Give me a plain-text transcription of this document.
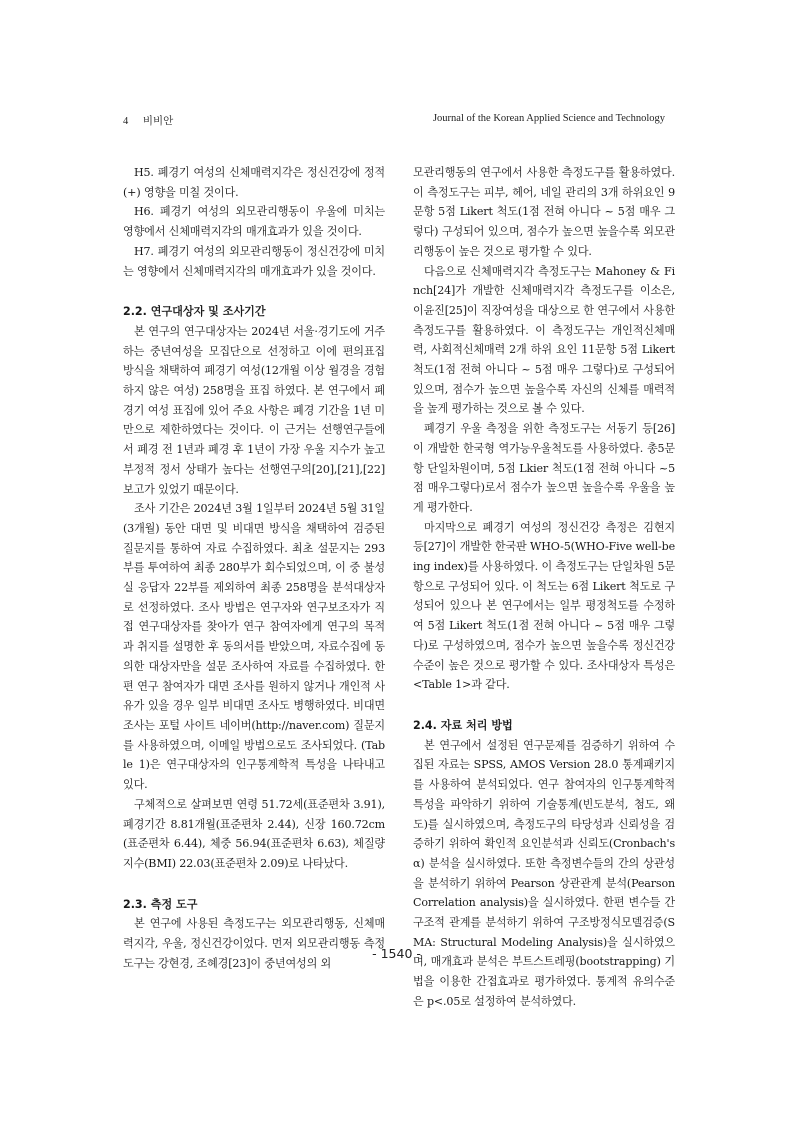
4 비비안	Journal of the Korean Applied Science and Technology

H5. 폐경기 여성의 신체매력지각은 정신건강에 정적(+) 영향을 미칠 것이다.

H6. 폐경기 여성의 외모관리행동이 우울에 미치는 영향에서 신체매력지각의 매개효과가 있을 것이다.

H7. 폐경기 여성의 외모관리행동이 정신건강에 미치는 영향에서 신체매력지각의 매개효과가 있을 것이다.

2.2. 연구대상자 및 조사기간

본 연구의 연구대상자는 2024년 서울·경기도에 거주하는 중년여성을 모집단으로 선정하고 이에 편의표집 방식을 채택하여 폐경기 여성(12개월 이상 월경을 경험하지 않은 여성) 258명을 표집 하였다. 본 연구에서 폐경기 여성 표집에 있어 주요 사항은 폐경 기간을 1년 미만으로 제한하였다는 것이다. 이 근거는 선행연구들에서 폐경 전 1년과 폐경 후 1년이 가장 우울 지수가 높고 부정적 정서 상태가 높다는 선행연구의[20],[21],[22] 보고가 있었기 때문이다.

조사 기간은 2024년 3월 1일부터 2024년 5월 31일(3개월) 동안 대면 및 비대면 방식을 채택하여 검증된 질문지를 통하여 자료 수집하였다. 최초 설문지는 293부를 투여하여 최종 280부가 회수되었으며, 이 중 불성실 응답자 22부를 제외하여 최종 258명을 분석대상자로 선정하였다. 조사 방법은 연구자와 연구보조자가 직접 연구대상자를 찾아가 연구 참여자에게 연구의 목적과 취지를 설명한 후 동의서를 받았으며, 자료수집에 동의한 대상자만을 설문 조사하여 자료를 수집하였다. 한편 연구 참여자가 대면 조사를 원하지 않거나 개인적 사유가 있을 경우 일부 비대면 조사도 병행하였다. 비대면 조사는 포털 사이트 네이버(http://naver.com) 질문지를 사용하였으며, 이메일 방법으로도 조사되었다. (Table 1)은 연구대상자의 인구통계학적 특성을 나타내고 있다.

구체적으로 살펴보면 연령 51.72세(표준편차 3.91), 폐경기간 8.81개월(표준편차 2.44), 신장 160.72cm(표준편차 6.44), 체중 56.94(표준편차 6.63), 체질량지수(BMI) 22.03(표준편차 2.09)로 나타났다.

2.3. 측정 도구

본 연구에 사용된 측정도구는 외모관리행동, 신체매력지각, 우울, 정신건강이었다. 먼저 외모관리행동 측정도구는 강현경, 조혜경[23]이 중년여성의 외

모관리행동의 연구에서 사용한 측정도구를 활용하였다. 이 측정도구는 피부, 헤어, 네일 관리의 3개 하위요인 9문항 5점 Likert 척도(1점 전혀 아니다 ~ 5점 매우 그렇다) 구성되어 있으며, 점수가 높으면 높을수록 외모관리행동이 높은 것으로 평가할 수 있다.

다음으로 신체매력지각 측정도구는 Mahoney & Finch[24]가 개발한 신체매력지각 측정도구를 이소은, 이윤진[25]이 직장여성을 대상으로 한 연구에서 사용한 측정도구를 활용하였다. 이 측정도구는 개인적신체매력, 사회적신체매력 2개 하위 요인 11문항 5점 Likert 척도(1점 전혀 아니다 ~ 5점 매우 그렇다)로 구성되어 있으며, 점수가 높으면 높을수록 자신의 신체를 매력적을 높게 평가하는 것으로 볼 수 있다.

폐경기 우울 측정을 위한 측정도구는 서동기 등[26]이 개발한 한국형 역가능우울척도를 사용하였다. 총5문항 단일차원이며, 5점 Lkier 척도(1점 전혀 아니다 ~5점 매우그렇다)로서 점수가 높으면 높을수록 우울을 높게 평가한다.

마지막으로 폐경기 여성의 정신건강 측정은 김현지 등[27]이 개발한 한국판 WHO-5(WHO-Five well-being index)를 사용하였다. 이 측정도구는 단일차원 5문항으로 구성되어 있다. 이 척도는 6점 Likert 척도로 구성되어 있으나 본 연구에서는 일부 평정척도를 수정하여 5점 Likert 척도(1점 전혀 아니다 ~ 5점 매우 그렇다)로 구성하였으며, 점수가 높으면 높을수록 정신건강 수준이 높은 것으로 평가할 수 있다. 조사대상자 특성은 <Table 1>과 같다.

2.4. 자료 처리 방법

본 연구에서 설정된 연구문제를 검증하기 위하여 수집된 자료는 SPSS, AMOS Version 28.0 통계패키지를 사용하여 분석되었다. 연구 참여자의 인구통계학적 특성을 파악하기 위하여 기술통계(빈도분석, 첨도, 왜도)를 실시하였으며, 측정도구의 타당성과 신뢰성을 검증하기 위하여 확인적 요인분석과 신뢰도(Cronbach's α) 분석을 실시하였다. 또한 측정변수들의 간의 상관성을 분석하기 위하여 Pearson 상관관계 분석(Pearson Correlation analysis)을 실시하였다. 한편 변수들 간 구조적 관계를 분석하기 위하여 구조방정식모델검증(SMA: Structural Modeling Analysis)을 실시하였으며, 매개효과 분석은 부트스트레핑(bootstrapping) 기법을 이용한 간접효과로 평가하였다. 통계적 유의수준은 p<.05로 설정하여 분석하였다.

- 1540 -
